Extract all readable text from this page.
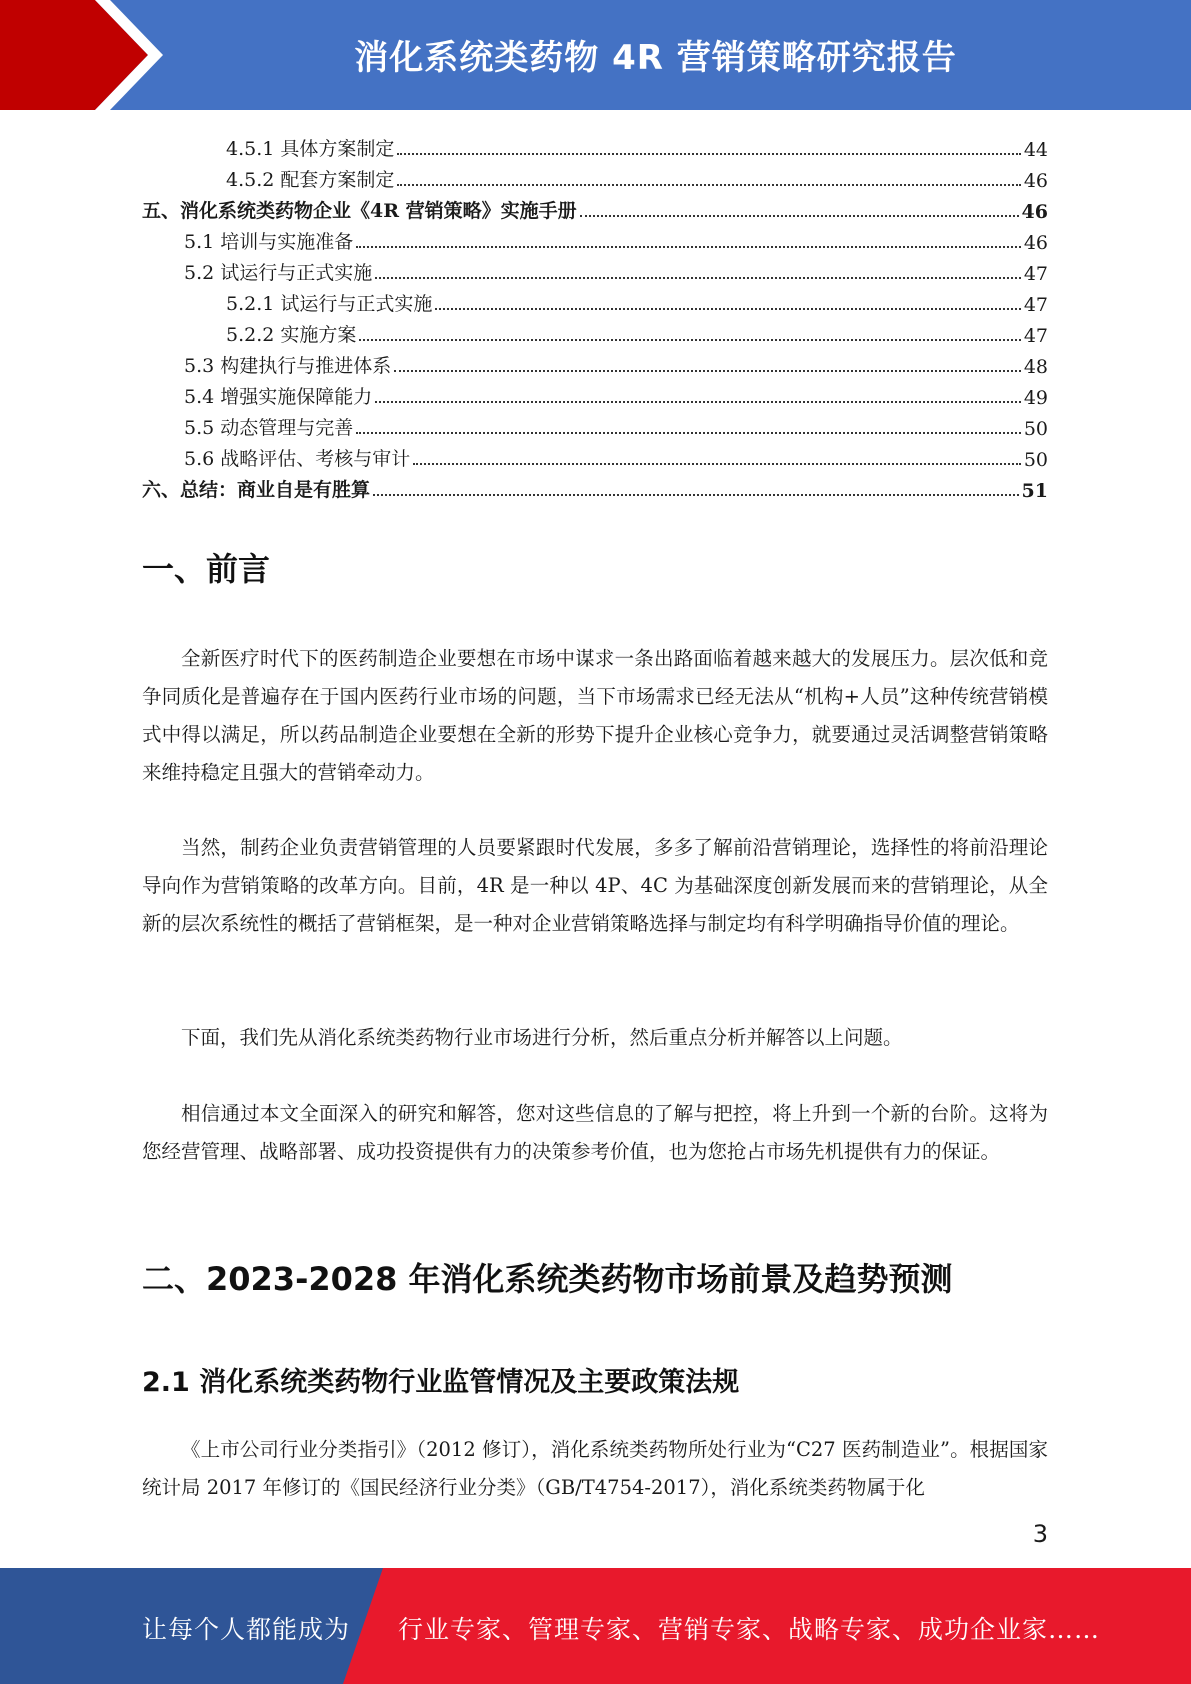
消化系统类药物 4R 营销策略研究报告
4.5.1 具体方案制定	44
4.5.2 配套方案制定	46
五、消化系统类药物企业《4R 营销策略》实施手册	46
5.1 培训与实施准备	46
5.2 试运行与正式实施	47
5.2.1 试运行与正式实施	47
5.2.2 实施方案	47
5.3 构建执行与推进体系	48
5.4 增强实施保障能力	49
5.5 动态管理与完善	50
5.6 战略评估、考核与审计	50
六、总结：商业自是有胜算	51
一、前言

全新医疗时代下的医药制造企业要想在市场中谋求一条出路面临着越来越大的发展压力。层次低和竞争同质化是普遍存在于国内医药行业市场的问题，当下市场需求已经无法从“机构+人员”这种传统营销模式中得以满足，所以药品制造企业要想在全新的形势下提升企业核心竞争力，就要通过灵活调整营销策略来维持稳定且强大的营销牵动力。

当然，制药企业负责营销管理的人员要紧跟时代发展，多多了解前沿营销理论，选择性的将前沿理论导向作为营销策略的改革方向。目前，4R 是一种以 4P、4C 为基础深度创新发展而来的营销理论，从全新的层次系统性的概括了营销框架，是一种对企业营销策略选择与制定均有科学明确指导价值的理论。

下面，我们先从消化系统类药物行业市场进行分析，然后重点分析并解答以上问题。

相信通过本文全面深入的研究和解答，您对这些信息的了解与把控，将上升到一个新的台阶。这将为您经营管理、战略部署、成功投资提供有力的决策参考价值，也为您抢占市场先机提供有力的保证。

二、2023-2028 年消化系统类药物市场前景及趋势预测
2.1 消化系统类药物行业监管情况及主要政策法规

《上市公司行业分类指引》（2012 修订），消化系统类药物所处行业为“C27 医药制造业”。根据国家统计局 2017 年修订的《国民经济行业分类》（GB/T4754-2017），消化系统类药物属于化

3
让每个人都能成为 行业专家、管理专家、营销专家、战略专家、成功企业家……
